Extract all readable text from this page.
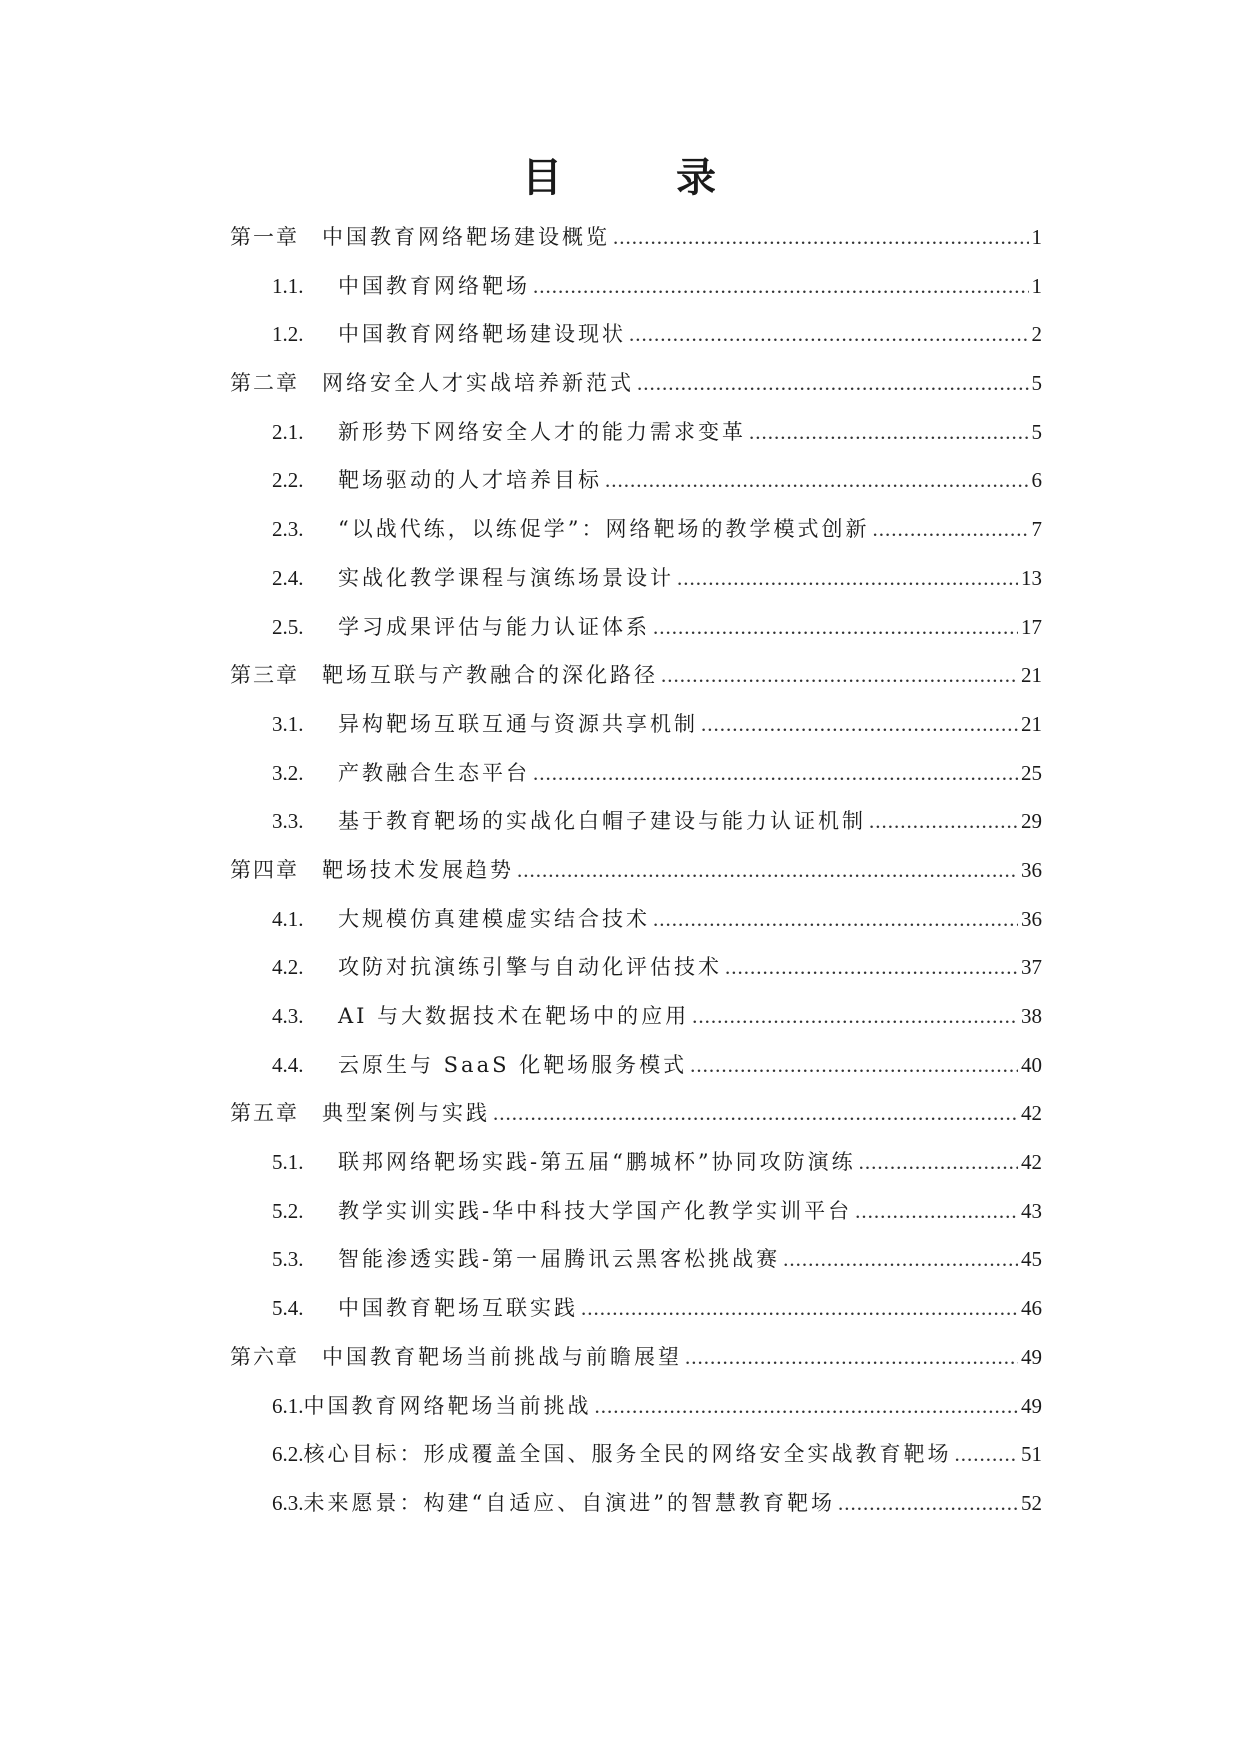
目 录
第一章	中国教育网络靶场建设概览 .....	1
1.1.	中国教育网络靶场 .....	1
1.2.	中国教育网络靶场建设现状 .....	2
第二章	网络安全人才实战培养新范式 .....	5
2.1.	新形势下网络安全人才的能力需求变革 .....	5
2.2.	靶场驱动的人才培养目标 .....	6
2.3.	“以战代练，以练促学”：网络靶场的教学模式创新 .....	7
2.4.	实战化教学课程与演练场景设计 .....	13
2.5.	学习成果评估与能力认证体系 .....	17
第三章	靶场互联与产教融合的深化路径 .....	21
3.1.	异构靶场互联互通与资源共享机制 .....	21
3.2.	产教融合生态平台 .....	25
3.3.	基于教育靶场的实战化白帽子建设与能力认证机制 .....	29
第四章	靶场技术发展趋势 .....	36
4.1.	大规模仿真建模虚实结合技术 .....	36
4.2.	攻防对抗演练引擎与自动化评估技术 .....	37
4.3.	AI 与大数据技术在靶场中的应用 .....	38
4.4.	云原生与 SaaS 化靶场服务模式 .....	40
第五章	典型案例与实践 .....	42
5.1.	联邦网络靶场实践-第五届“鹏城杯”协同攻防演练 .....	42
5.2.	教学实训实践-华中科技大学国产化教学实训平台 .....	43
5.3.	智能渗透实践-第一届腾讯云黑客松挑战赛 .....	45
5.4.	中国教育靶场互联实践 .....	46
第六章	中国教育靶场当前挑战与前瞻展望 .....	49
6.1. 中国教育网络靶场当前挑战 .....	49
6.2. 核心目标：形成覆盖全国、服务全民的网络安全实战教育靶场 .....	51
6.3. 未来愿景：构建“自适应、自演进”的智慧教育靶场 .....	52
